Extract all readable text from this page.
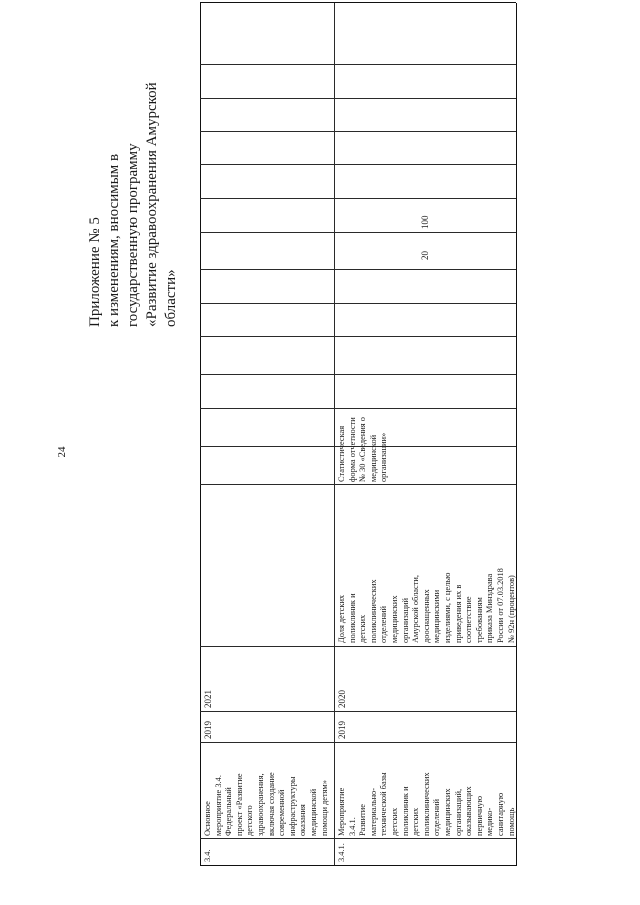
24
Приложение № 5 к изменениям, вносимым в государственную программу «Развитие здравоохранения Амурской области»
3.4.
Основное
мероприятие 3.4.
Федеральный
проект «Развитие
детского
здравоохранения,
включая создание
современной
инфраструктуры
оказания
медицинской
помощи детям»
2019
2021
3.4.1.
Мероприятие
3.4.1.
Развитие
материально-
технической базы
детских
поликлиник и
детских
поликлинических
отделений
медицинских
организаций,
оказывающих
первичную
медико-
санитарную
помощь
2019
2020
Доля детских
поликлиник и
детских
поликлинических
отделений
медицинских
организаций
Амурской области,
дооснащенных
медицинскими
изделиями, с целью
приведения их в
соответствие
требованиям
приказа Минздрава
России от 07.03.2018
№ 92н (процентов)
Статистическая
форма отчетности
№ 30 «Сведения о
медицинской
организации»
20
100
